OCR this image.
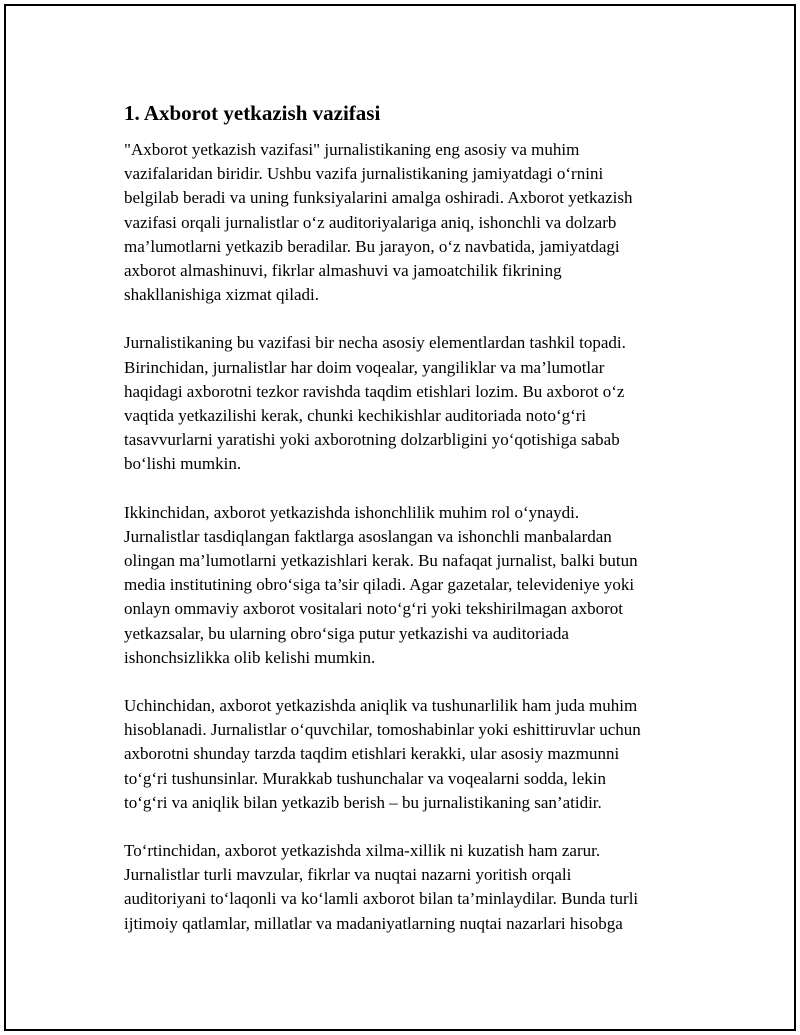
1. Axborot yetkazish vazifasi

"Axborot yetkazish vazifasi" jurnalistikaning eng asosiy va muhim
vazifalaridan biridir. Ushbu vazifa jurnalistikaning jamiyatdagi o‘rnini
belgilab beradi va uning funksiyalarini amalga oshiradi. Axborot yetkazish
vazifasi orqali jurnalistlar o‘z auditoriyalariga aniq, ishonchli va dolzarb
ma’lumotlarni yetkazib beradilar. Bu jarayon, o‘z navbatida, jamiyatdagi
axborot almashinuvi, fikrlar almashuvi va jamoatchilik fikrining
shakllanishiga xizmat qiladi.

Jurnalistikaning bu vazifasi bir necha asosiy elementlardan tashkil topadi.
Birinchidan, jurnalistlar har doim voqealar, yangiliklar va ma’lumotlar
haqidagi axborotni tezkor ravishda taqdim etishlari lozim. Bu axborot o‘z
vaqtida yetkazilishi kerak, chunki kechikishlar auditoriada noto‘g‘ri
tasavvurlarni yaratishi yoki axborotning dolzarbligini yo‘qotishiga sabab
bo‘lishi mumkin.

Ikkinchidan, axborot yetkazishda ishonchlilik muhim rol o‘ynaydi.
Jurnalistlar tasdiqlangan faktlarga asoslangan va ishonchli manbalardan
olingan ma’lumotlarni yetkazishlari kerak. Bu nafaqat jurnalist, balki butun
media institutining obro‘siga ta’sir qiladi. Agar gazetalar, televideniye yoki
onlayn ommaviy axborot vositalari noto‘g‘ri yoki tekshirilmagan axborot
yetkazsalar, bu ularning obro‘siga putur yetkazishi va auditoriada
ishonchsizlikka olib kelishi mumkin.

Uchinchidan, axborot yetkazishda aniqlik va tushunarlilik ham juda muhim
hisoblanadi. Jurnalistlar o‘quvchilar, tomoshabinlar yoki eshittiruvlar uchun
axborotni shunday tarzda taqdim etishlari kerakki, ular asosiy mazmunni
to‘g‘ri tushunsinlar. Murakkab tushunchalar va voqealarni sodda, lekin
to‘g‘ri va aniqlik bilan yetkazib berish – bu jurnalistikaning san’atidir.

To‘rtinchidan, axborot yetkazishda xilma-xillik ni kuzatish ham zarur.
Jurnalistlar turli mavzular, fikrlar va nuqtai nazarni yoritish orqali
auditoriyani to‘laqonli va ko‘lamli axborot bilan ta’minlaydilar. Bunda turli
ijtimoiy qatlamlar, millatlar va madaniyatlarning nuqtai nazarlari hisobga
